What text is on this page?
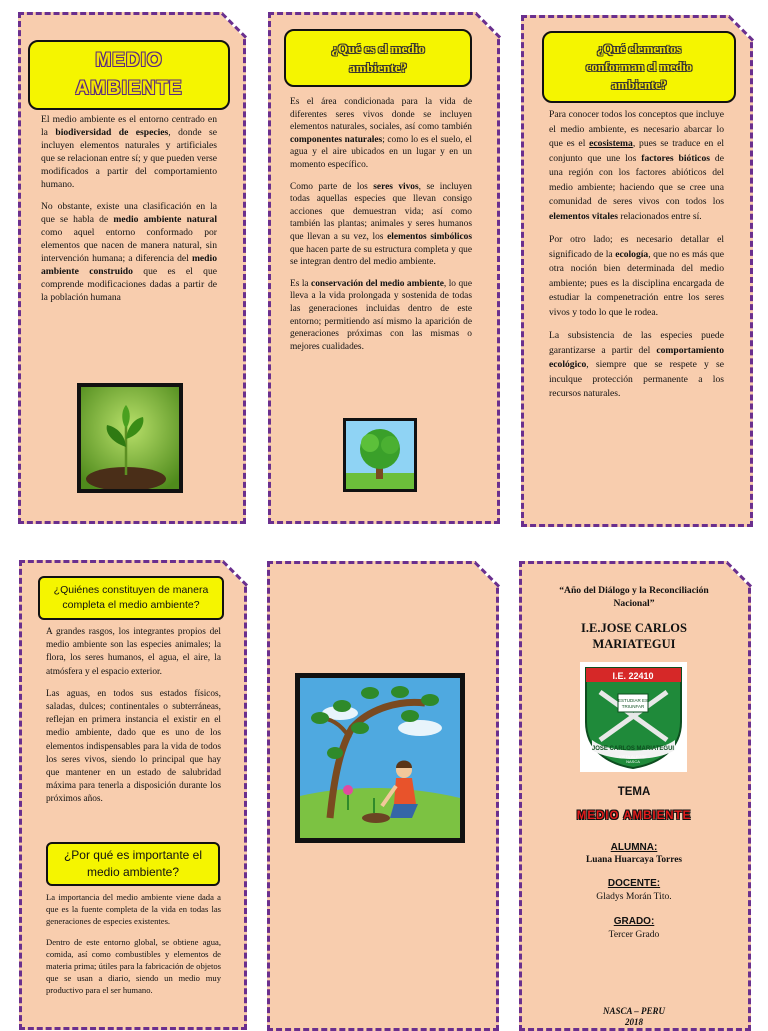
MEDIO
AMBIENTE

El medio ambiente es el entorno centrado en la biodiversidad de especies, donde se incluyen elementos naturales y artificiales que se relacionan entre sí; y que pueden verse modificados a partir del comportamiento humano.

No obstante, existe una clasificación en la que se habla de medio ambiente natural como aquel entorno conformado por elementos que nacen de manera natural, sin intervención humana; a diferencia del medio ambiente construido que es el que comprende modificaciones dadas a partir de la población humana

¿Qué es el medio
ambiente?

Es el área condicionada para la vida de diferentes seres vivos donde se incluyen elementos naturales, sociales, así como también componentes naturales; como lo es el suelo, el agua y el aire ubicados en un lugar y en un momento específico.

Como parte de los seres vivos, se incluyen todas aquellas especies que llevan consigo acciones que demuestran vida; así como también las plantas; animales y seres humanos que llevan a su vez, los elementos simbólicos que hacen parte de su estructura completa y que se integran dentro del medio ambiente.

Es la conservación del medio ambiente, lo que lleva a la vida prolongada y sostenida de todas las generaciones incluidas dentro de este entorno; permitiendo así mismo la aparición de generaciones próximas con las mismas o mejores cualidades.

¿Qué elementos
conforman el medio
ambiente?

Para conocer todos los conceptos que incluye el medio ambiente, es necesario abarcar lo que es el ecosistema, pues se traduce en el conjunto que une los factores bióticos de una región con los factores abióticos del medio ambiente; haciendo que se cree una comunidad de seres vivos con todos los elementos vitales relacionados entre sí.

Por otro lado; es necesario detallar el significado de la ecología, que no es más que otra noción bien determinada del medio ambiente; pues es la disciplina encargada de estudiar la compenetración entre los seres vivos y todo lo que le rodea.

La subsistencia de las especies puede garantizarse a partir del comportamiento ecológico, siempre que se respete y se inculque protección permanente a los recursos naturales.

¿Quiénes constituyen de manera
completa el medio ambiente?

A grandes rasgos, los integrantes propios del medio ambiente son las especies animales; la flora, los seres humanos, el agua, el aire, la atmósfera y el espacio exterior.

Las aguas, en todos sus estados físicos, saladas, dulces; continentales o subterráneas, reflejan en primera instancia el existir en el medio ambiente, dado que es uno de los elementos indispensables para la vida de todos los seres vivos, siendo lo principal que hay que mantener en un estado de salubridad máxima para tenerla a disposición durante los próximos años.

¿Por qué es importante el
medio ambiente?

La importancia del medio ambiente viene dada a que es la fuente completa de la vida en todas las generaciones de especies existentes.

Dentro de este entorno global, se obtiene agua, comida, así como combustibles y elementos de materia prima; útiles para la fabricación de objetos que se usan a diario, siendo un medio muy productivo para el ser humano.

“Año del Diálogo y la Reconciliación
Nacional”
I.E.JOSE CARLOS
MARIATEGUI
I.E. 22410
ESTUDIAR ES
TRIUNFAR
JOSE CARLOS MARIATEGUI
VISTA ALEGRE
NASCA
TEMA
MEDIO AMBIENTE
ALUMNA:
Luana Huarcaya Torres
DOCENTE:
Gladys Morán Tito.
GRADO:
Tercer Grado
NASCA – PERU
2018
